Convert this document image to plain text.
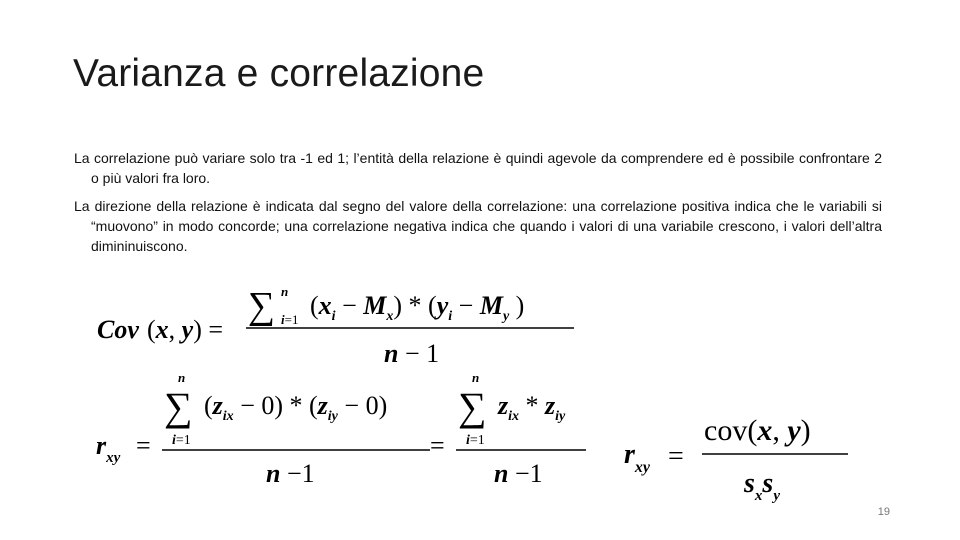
Varianza e correlazione
La correlazione può variare solo tra -1 ed 1; l’entità della relazione è quindi agevole da comprendere ed è possibile confrontare 2 o più valori fra loro.
La direzione della relazione è indicata dal segno del valore della correlazione: una correlazione positiva indica che le variabili si “muovono” in modo concorde; una correlazione negativa indica che quando i valori di una variabile crescono, i valori dell’altra dimininuiscono.
Cov (x, y) =
∑ n
i=1 $(x_i - M_x) * (y_i - M_y$ )
n − 1
$r_{xy}$ =
n
∑
i=1
$(z_{ix} - 0) * (z_{iy} - 0)$
n −1
=
n
∑
i=1
$z_{ix} * z_{iy}$
n −1
$r_{xy}$ =
cov(x, y)
$s_xs_y$
19
